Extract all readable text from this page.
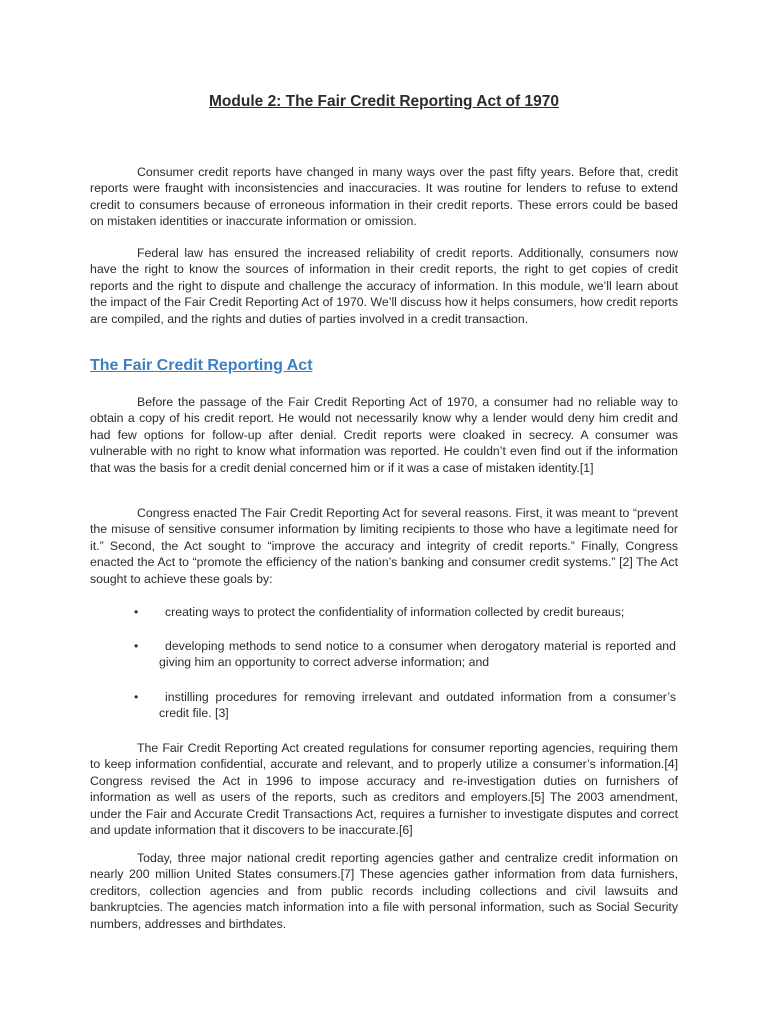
Module 2: The Fair Credit Reporting Act of 1970

Consumer credit reports have changed in many ways over the past fifty years. Before that, credit reports were fraught with inconsistencies and inaccuracies. It was routine for lenders to refuse to extend credit to consumers because of erroneous information in their credit reports. These errors could be based on mistaken identities or inaccurate information or omission.

Federal law has ensured the increased reliability of credit reports. Additionally, consumers now have the right to know the sources of information in their credit reports, the right to get copies of credit reports and the right to dispute and challenge the accuracy of information. In this module, we’ll learn about the impact of the Fair Credit Reporting Act of 1970. We’ll discuss how it helps consumers, how credit reports are compiled, and the rights and duties of parties involved in a credit transaction.

The Fair Credit Reporting Act

Before the passage of the Fair Credit Reporting Act of 1970, a consumer had no reliable way to obtain a copy of his credit report. He would not necessarily know why a lender would deny him credit and had few options for follow-up after denial. Credit reports were cloaked in secrecy. A consumer was vulnerable with no right to know what information was reported. He couldn’t even find out if the information that was the basis for a credit denial concerned him or if it was a case of mistaken identity.[1]

Congress enacted The Fair Credit Reporting Act for several reasons. First, it was meant to “prevent the misuse of sensitive consumer information by limiting recipients to those who have a legitimate need for it.” Second, the Act sought to “improve the accuracy and integrity of credit reports.” Finally, Congress enacted the Act to “promote the efficiency of the nation’s banking and consumer credit systems.” [2] The Act sought to achieve these goals by:

•	creating ways to protect the confidentiality of information collected by credit bureaus;
•	developing methods to send notice to a consumer when derogatory material is reported and giving him an opportunity to correct adverse information; and
•	instilling procedures for removing irrelevant and outdated information from a consumer’s credit file. [3]

The Fair Credit Reporting Act created regulations for consumer reporting agencies, requiring them to keep information confidential, accurate and relevant, and to properly utilize a consumer’s information.[4] Congress revised the Act in 1996 to impose accuracy and re-investigation duties on furnishers of information as well as users of the reports, such as creditors and employers.[5] The 2003 amendment, under the Fair and Accurate Credit Transactions Act, requires a furnisher to investigate disputes and correct and update information that it discovers to be inaccurate.[6]

Today, three major national credit reporting agencies gather and centralize credit information on nearly 200 million United States consumers.[7] These agencies gather information from data furnishers, creditors, collection agencies and from public records including collections and civil lawsuits and bankruptcies. The agencies match information into a file with personal information, such as Social Security numbers, addresses and birthdates.
